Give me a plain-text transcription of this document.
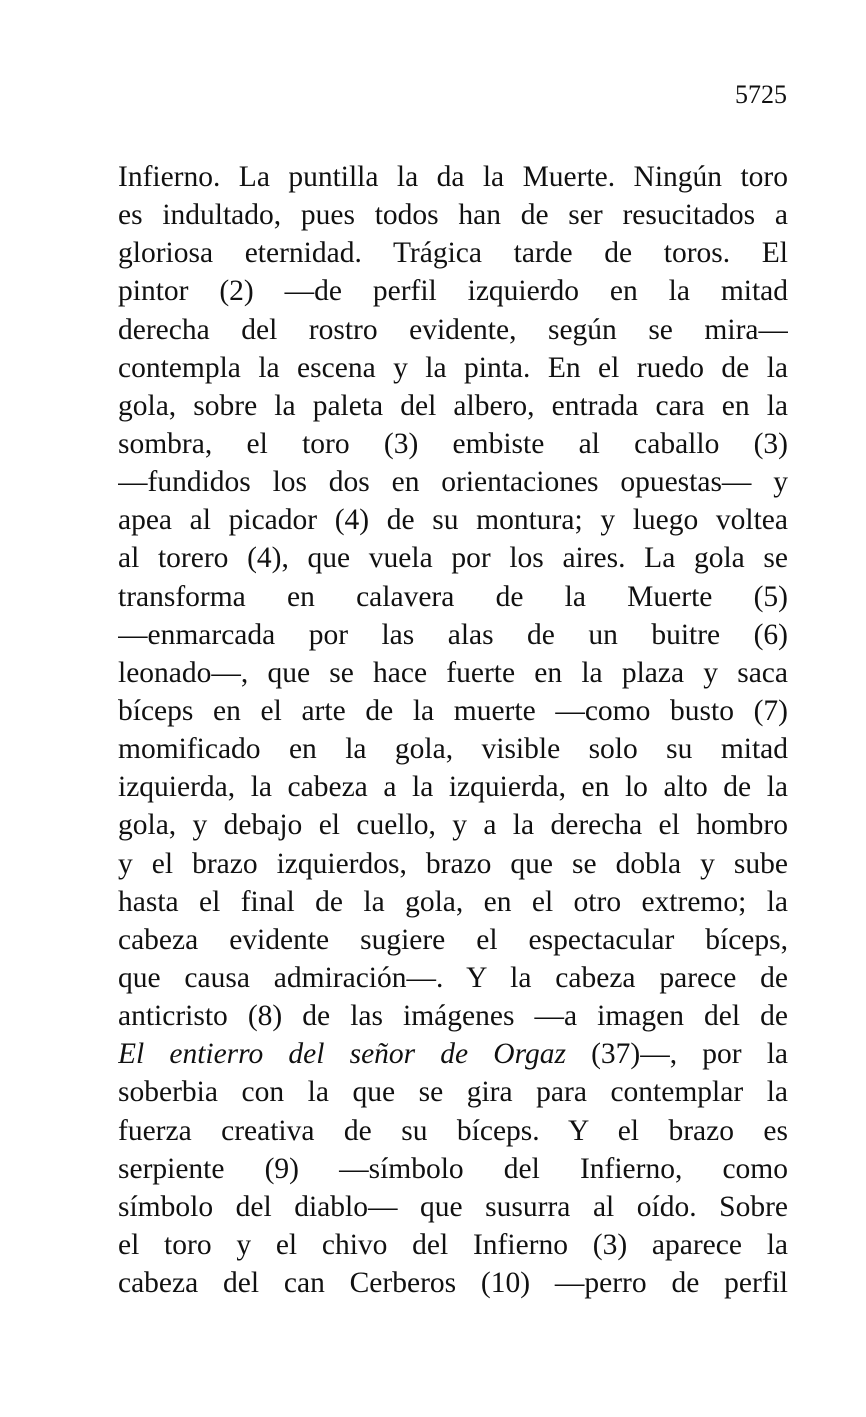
5725
Infierno. La puntilla la da la Muerte. Ningún toro
es indultado, pues todos han de ser resucitados a
gloriosa eternidad. Trágica tarde de toros. El
pintor (2) —de perfil izquierdo en la mitad
derecha del rostro evidente, según se mira—
contempla la escena y la pinta. En el ruedo de la
gola, sobre la paleta del albero, entrada cara en la
sombra, el toro (3) embiste al caballo (3)
—fundidos los dos en orientaciones opuestas— y
apea al picador (4) de su montura; y luego voltea
al torero (4), que vuela por los aires. La gola se
transforma en calavera de la Muerte (5)
—enmarcada por las alas de un buitre (6)
leonado—, que se hace fuerte en la plaza y saca
bíceps en el arte de la muerte —como busto (7)
momificado en la gola, visible solo su mitad
izquierda, la cabeza a la izquierda, en lo alto de la
gola, y debajo el cuello, y a la derecha el hombro
y el brazo izquierdos, brazo que se dobla y sube
hasta el final de la gola, en el otro extremo; la
cabeza evidente sugiere el espectacular bíceps,
que causa admiración—. Y la cabeza parece de
anticristo (8) de las imágenes —a imagen del de
El entierro del señor de Orgaz (37)—, por la
soberbia con la que se gira para contemplar la
fuerza creativa de su bíceps. Y el brazo es
serpiente (9) —símbolo del Infierno, como
símbolo del diablo— que susurra al oído. Sobre
el toro y el chivo del Infierno (3) aparece la
cabeza del can Cerberos (10) —perro de perfil
